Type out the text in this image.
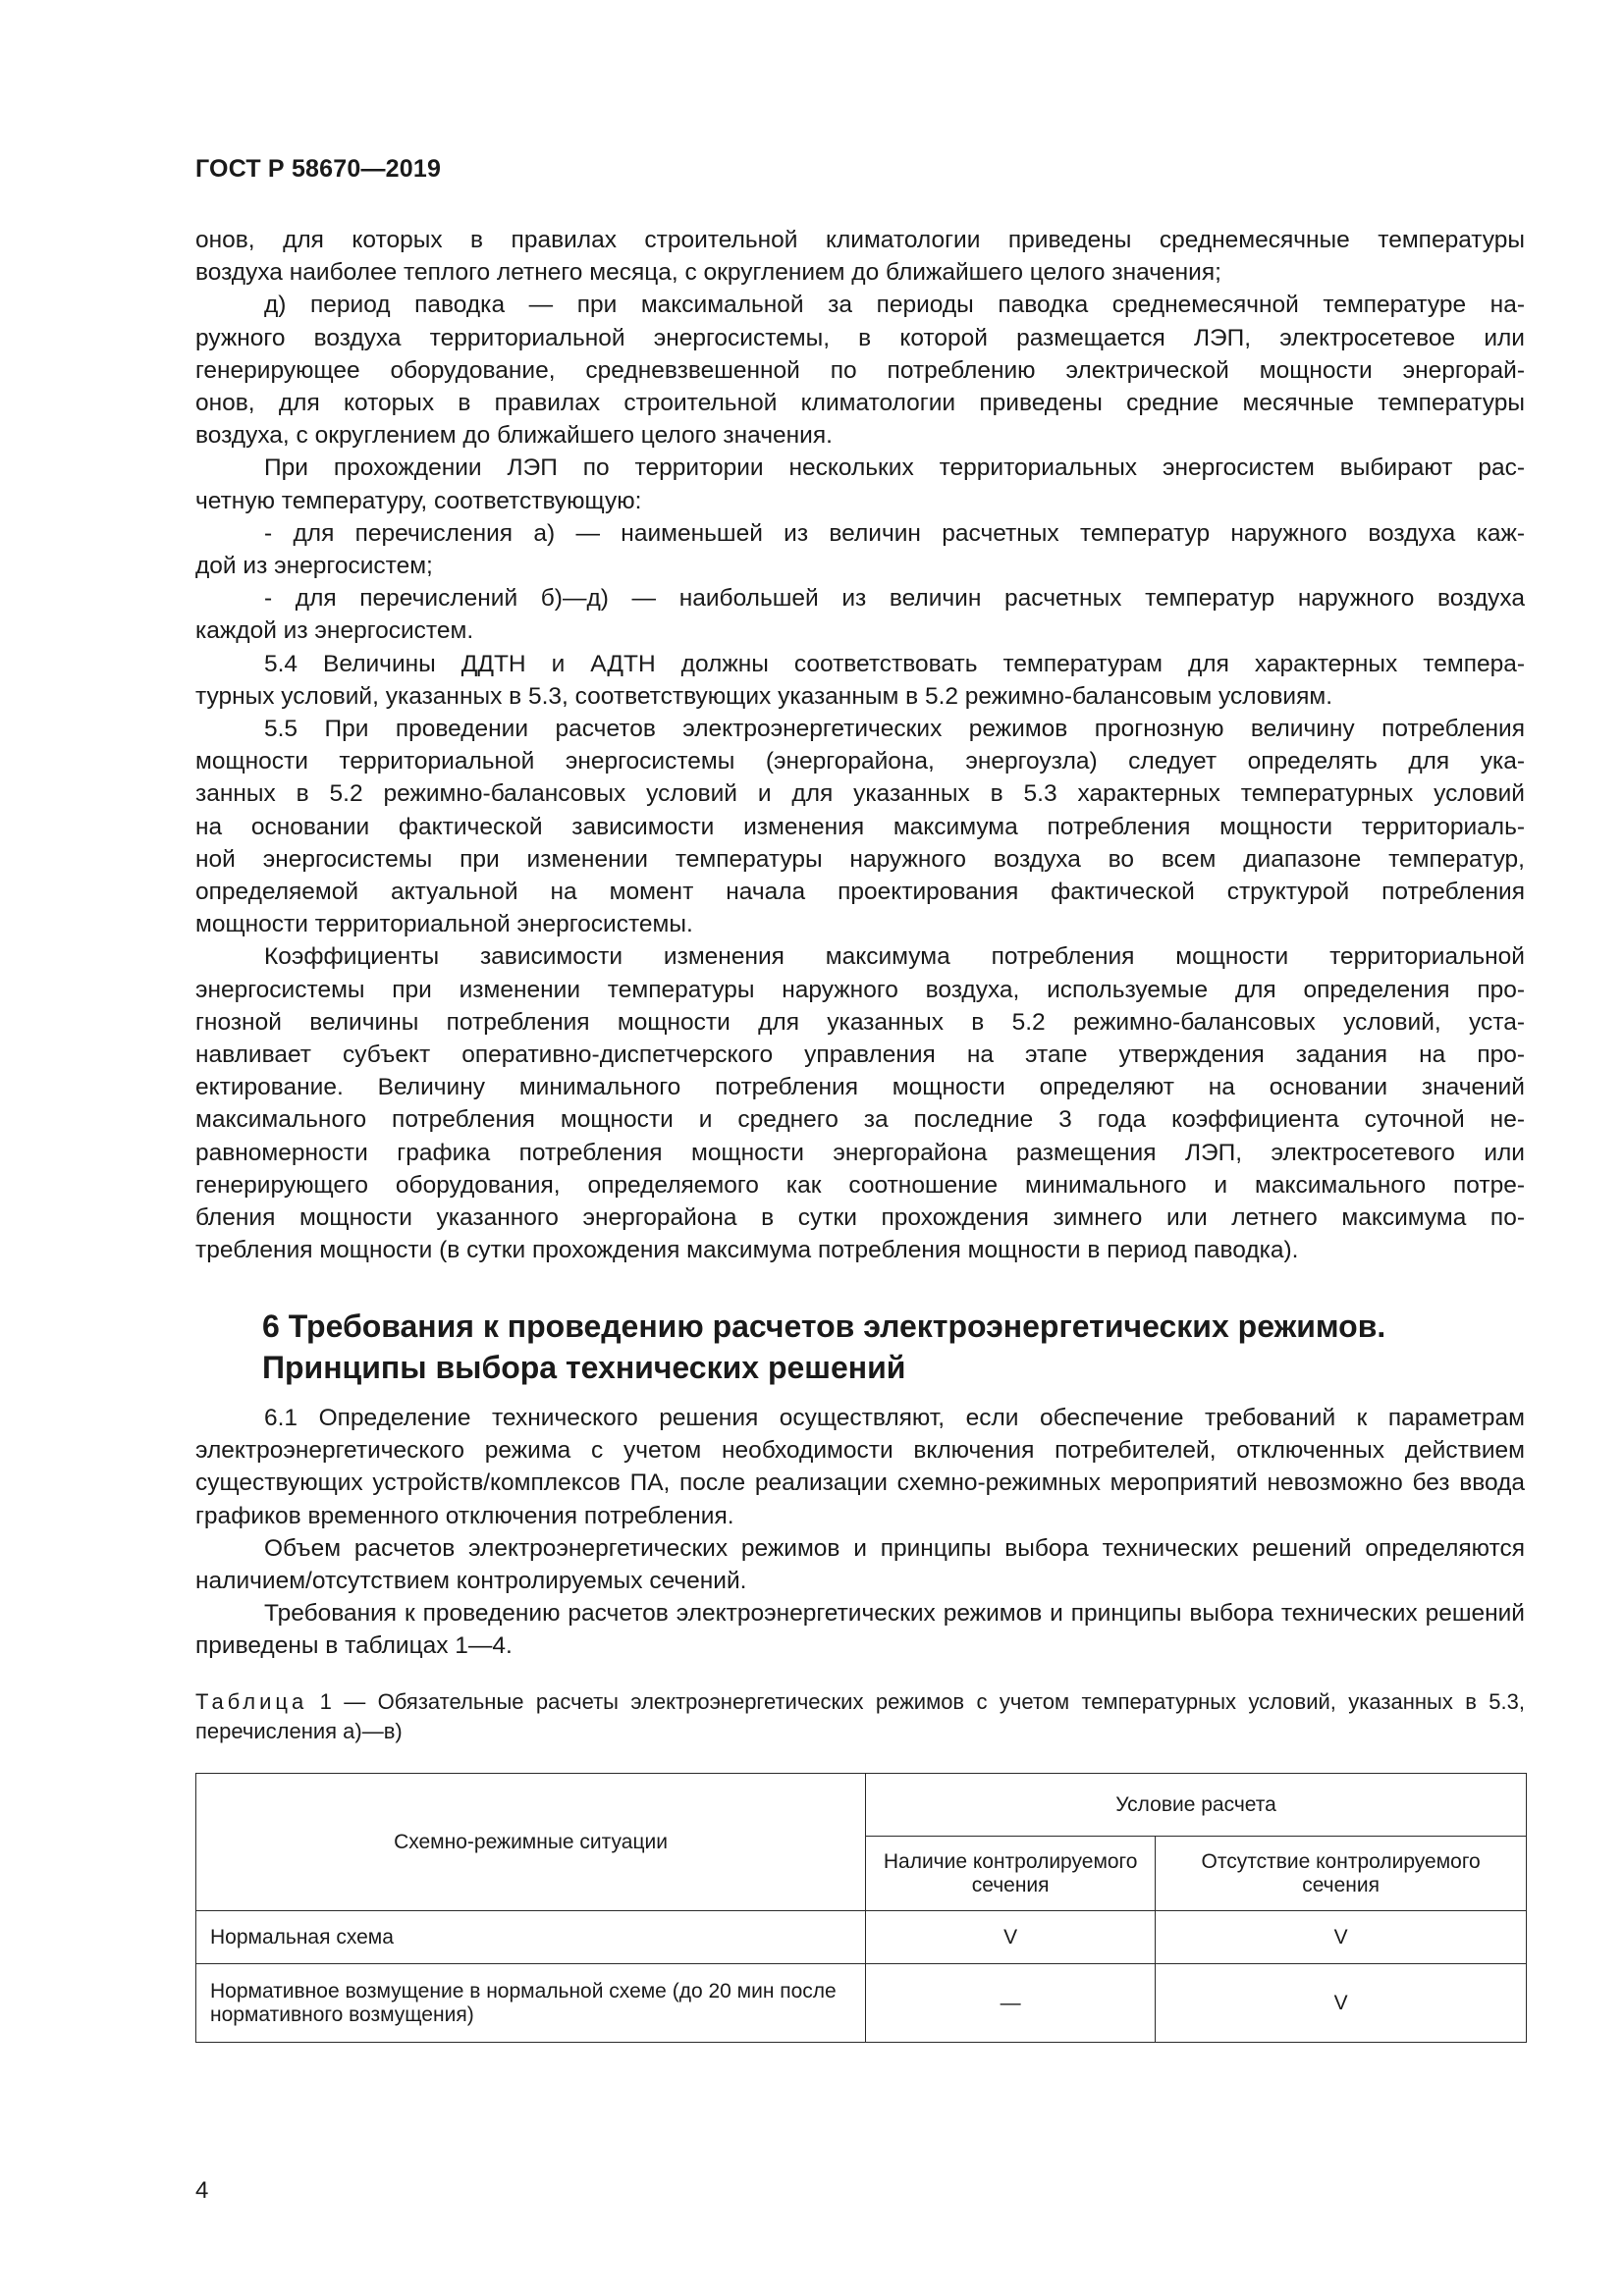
ГОСТ Р 58670—2019

онов, для которых в правилах строительной климатологии приведены среднемесячные температуры

воздуха наиболее теплого летнего месяца, с округлением до ближайшего целого значения;

д) период паводка — при максимальной за периоды паводка среднемесячной температуре на-

ружного воздуха территориальной энергосистемы, в которой размещается ЛЭП, электросетевое или

генерирующее оборудование, средневзвешенной по потреблению электрической мощности энергорай-

онов, для которых в правилах строительной климатологии приведены средние месячные температуры

воздуха, с округлением до ближайшего целого значения.

При прохождении ЛЭП по территории нескольких территориальных энергосистем выбирают рас-

четную температуру, соответствующую:

- для перечисления а) — наименьшей из величин расчетных температур наружного воздуха каж-

дой из энергосистем;

- для перечислений б)—д) — наибольшей из величин расчетных температур наружного воздуха

каждой из энергосистем.

5.4 Величины ДДТН и АДТН должны соответствовать температурам для характерных темпера-

турных условий, указанных в 5.3, соответствующих указанным в 5.2 режимно-балансовым условиям.

5.5 При проведении расчетов электроэнергетических режимов прогнозную величину потребления

мощности территориальной энергосистемы (энергорайона, энергоузла) следует определять для ука-

занных в 5.2 режимно-балансовых условий и для указанных в 5.3 характерных температурных условий

на основании фактической зависимости изменения максимума потребления мощности территориаль-

ной энергосистемы при изменении температуры наружного воздуха во всем диапазоне температур,

определяемой актуальной на момент начала проектирования фактической структурой потребления

мощности территориальной энергосистемы.

Коэффициенты зависимости изменения максимума потребления мощности территориальной

энергосистемы при изменении температуры наружного воздуха, используемые для определения про-

гнозной величины потребления мощности для указанных в 5.2 режимно-балансовых условий, уста-

навливает субъект оперативно-диспетчерского управления на этапе утверждения задания на про-

ектирование. Величину минимального потребления мощности определяют на основании значений

максимального потребления мощности и среднего за последние 3 года коэффициента суточной не-

равномерности графика потребления мощности энергорайона размещения ЛЭП, электросетевого или

генерирующего оборудования, определяемого как соотношение минимального и максимального потре-

бления мощности указанного энергорайона в сутки прохождения зимнего или летнего максимума по-

требления мощности (в сутки прохождения максимума потребления мощности в период паводка).

6 Требования к проведению расчетов электроэнергетических режимов.
Принципы выбора технических решений

6.1 Определение технического решения осуществляют, если обеспечение требований к параметрам электроэнергетического режима с учетом необходимости включения потребителей, отключенных действием существующих устройств/комплексов ПА, после реализации схемно-режимных мероприятий невозможно без ввода графиков временного отключения потребления.

Объем расчетов электроэнергетических режимов и принципы выбора технических решений определяются наличием/отсутствием контролируемых сечений.

Требования к проведению расчетов электроэнергетических режимов и принципы выбора технических решений приведены в таблицах 1—4.

Таблица 1 — Обязательные расчеты электроэнергетических режимов с учетом температурных условий, указанных в 5.3, перечисления а)—в)
Схемно-режимные ситуации	Условие расчета	
	Наличие контролируемого сечения	Отсутствие контролируемого сечения
Нормальная схема	V	V
Нормативное возмущение в нормальной схеме (до 20 мин после нормативного возмущения)	—	V
4
